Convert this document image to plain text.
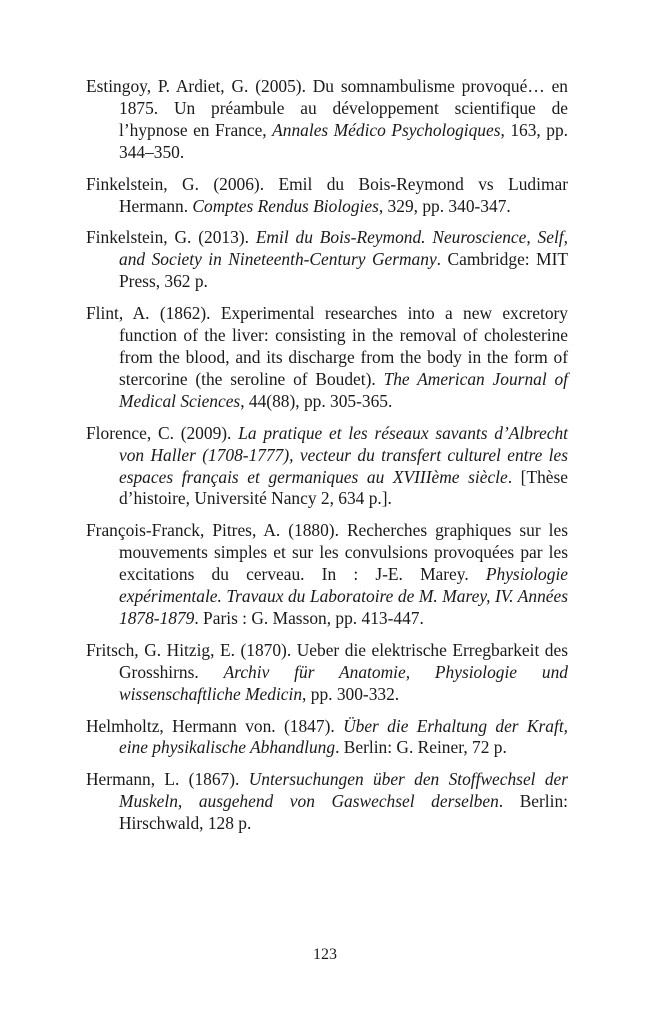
Estingoy, P. Ardiet, G. (2005). Du somnambulisme provoqué… en 1875. Un préambule au développement scientifique de l’hypnose en France, Annales Médico Psychologiques, 163, pp. 344–350.

Finkelstein, G. (2006). Emil du Bois-Reymond vs Ludimar Hermann. Comptes Rendus Biologies, 329, pp. 340-347.

Finkelstein, G. (2013). Emil du Bois-Reymond. Neuroscience, Self, and Society in Nineteenth-Century Germany. Cambridge: MIT Press, 362 p.

Flint, A. (1862). Experimental researches into a new excretory function of the liver: consisting in the removal of cholesterine from the blood, and its discharge from the body in the form of stercorine (the seroline of Boudet). The American Journal of Medical Sciences, 44(88), pp. 305-365.

Florence, C. (2009). La pratique et les réseaux savants d’Albrecht von Haller (1708-1777), vecteur du transfert culturel entre les espaces français et germaniques au XVIIIème siècle. [Thèse d’histoire, Université Nancy 2, 634 p.].

François-Franck, Pitres, A. (1880). Recherches graphiques sur les mouvements simples et sur les convulsions provoquées par les excitations du cerveau. In : J-E. Marey. Physiologie expérimentale. Travaux du Laboratoire de M. Marey, IV. Années 1878-1879. Paris : G. Masson, pp. 413-447.

Fritsch, G. Hitzig, E. (1870). Ueber die elektrische Erregbarkeit des Grosshirns. Archiv für Anatomie, Physiologie und wissenschaftliche Medicin, pp. 300-332.

Helmholtz, Hermann von. (1847). Über die Erhaltung der Kraft, eine physikalische Abhandlung. Berlin: G. Reiner, 72 p.

Hermann, L. (1867). Untersuchungen über den Stoffwechsel der Muskeln, ausgehend von Gaswechsel derselben. Berlin: Hirschwald, 128 p.

123
